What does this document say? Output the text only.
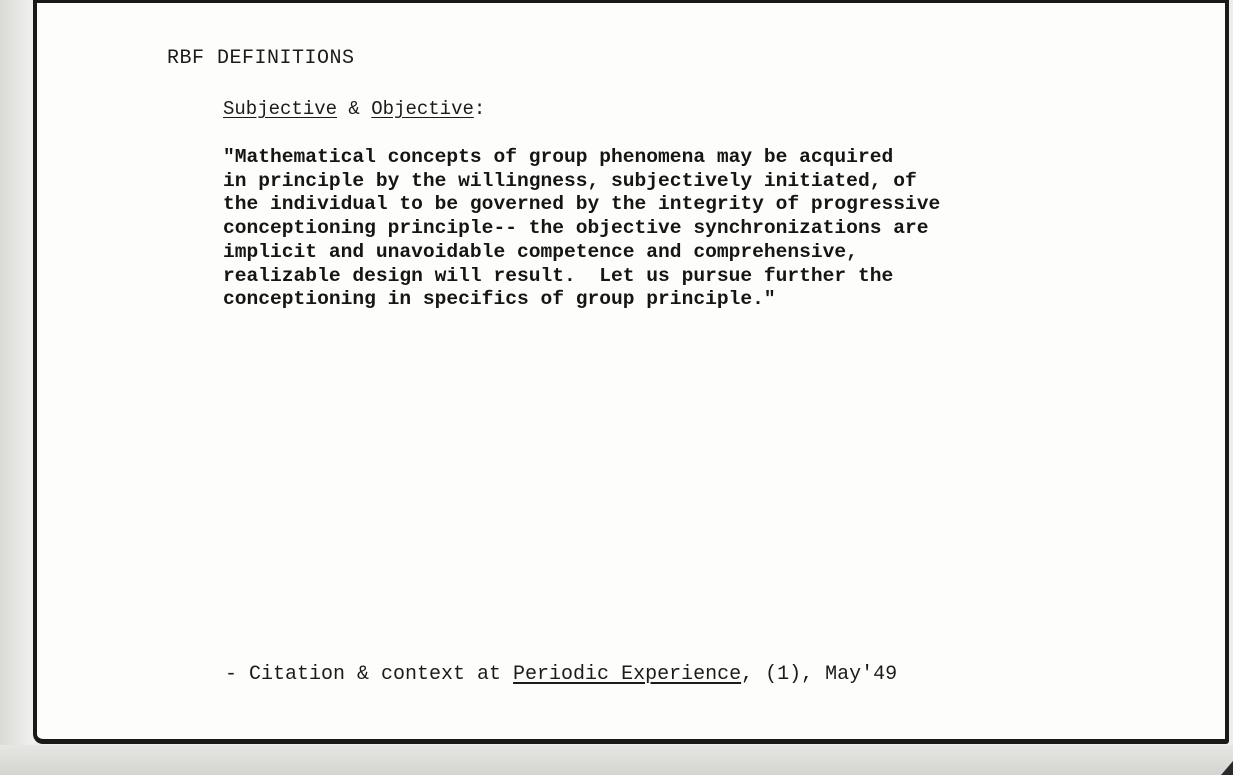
RBF DEFINITIONS
Subjective & Objective:
"Mathematical concepts of group phenomena may be acquired
in principle by the willingness, subjectively initiated, of
the individual to be governed by the integrity of progressive
conceptioning principle-- the objective synchronizations are
implicit and unavoidable competence and comprehensive,
realizable design will result.  Let us pursue further the
conceptioning in specifics of group principle."
- Citation & context at Periodic Experience, (1), May'49
